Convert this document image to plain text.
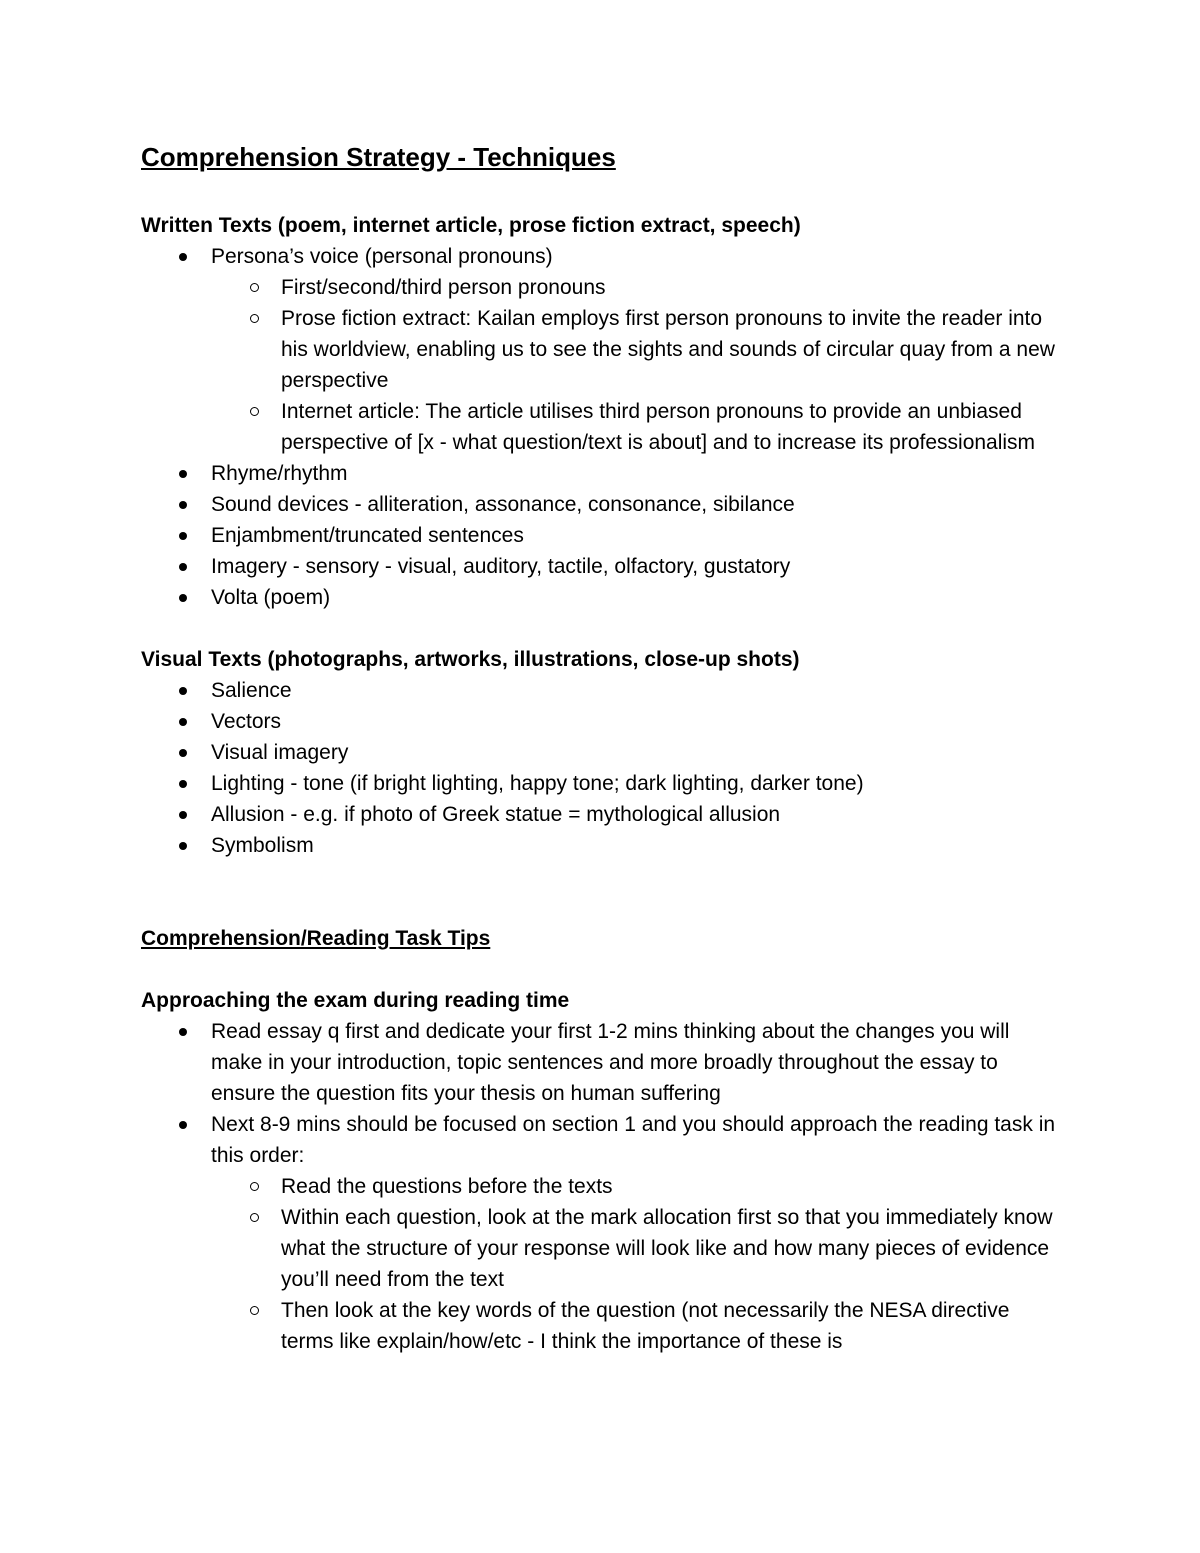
Comprehension Strategy - Techniques
Written Texts (poem, internet article, prose fiction extract, speech)
Persona’s voice (personal pronouns)
First/second/third person pronouns
Prose fiction extract: Kailan employs first person pronouns to invite the reader into his worldview, enabling us to see the sights and sounds of circular quay from a new perspective
Internet article: The article utilises third person pronouns to provide an unbiased perspective of [x - what question/text is about] and to increase its professionalism
Rhyme/rhythm
Sound devices - alliteration, assonance, consonance, sibilance
Enjambment/truncated sentences
Imagery - sensory - visual, auditory, tactile, olfactory, gustatory
Volta (poem)
Visual Texts (photographs, artworks, illustrations, close-up shots)
Salience
Vectors
Visual imagery
Lighting - tone (if bright lighting, happy tone; dark lighting, darker tone)
Allusion - e.g. if photo of Greek statue = mythological allusion
Symbolism
Comprehension/Reading Task Tips
Approaching the exam during reading time
Read essay q first and dedicate your first 1-2 mins thinking about the changes you will make in your introduction, topic sentences and more broadly throughout the essay to ensure the question fits your thesis on human suffering
Next 8-9 mins should be focused on section 1 and you should approach the reading task in this order:
Read the questions before the texts
Within each question, look at the mark allocation first so that you immediately know what the structure of your response will look like and how many pieces of evidence you’ll need from the text
Then look at the key words of the question (not necessarily the NESA directive terms like explain/how/etc - I think the importance of these is
